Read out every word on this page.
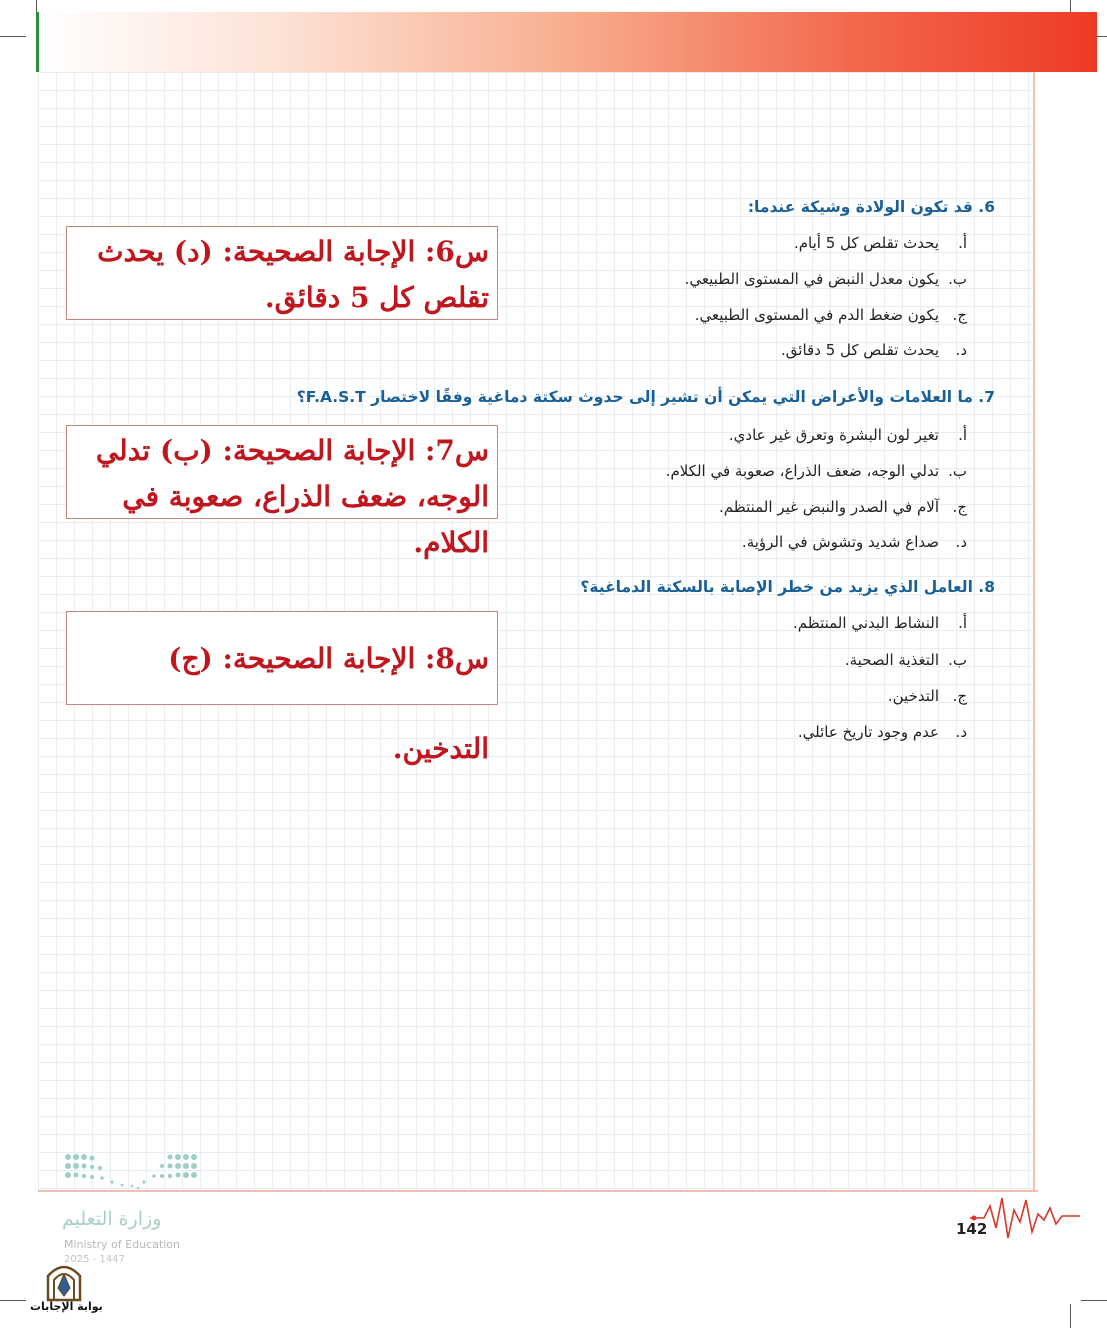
6. قد تكون الولادة وشيكة عندما:
أ.يحدث تقلص كل 5 أيام.
ب.يكون معدل النبض في المستوى الطبيعي.
ج.يكون ضغط الدم في المستوى الطبيعي.
د.يحدث تقلص كل 5 دقائق.
7. ما العلامات والأعراض التي يمكن أن تشير إلى حدوث سكتة دماغية وفقًا لاختصار F.A.S.T؟
أ.تغير لون البشرة وتعرق غير عادي.
ب.تدلي الوجه، ضعف الذراع، صعوبة في الكلام.
ج.آلام في الصدر والنبض غير المنتظم.
د.صداع شديد وتشوش في الرؤية.
8. العامل الذي يزيد من خطر الإصابة بالسكتة الدماغية؟
أ.النشاط البدني المنتظم.
ب.التغذية الصحية.
ج.التدخين.
د.عدم وجود تاريخ عائلي.
س6: الإجابة الصحيحة: (د) يحدث تقلص كل 5 دقائق.
س7: الإجابة الصحيحة: (ب) تدلي الوجه، ضعف الذراع، صعوبة في الكلام.
س8: الإجابة الصحيحة: (ج) التدخين.
142
وزارة التعليم
Ministry of Education
2025 - 1447
بوابة الإجابات
